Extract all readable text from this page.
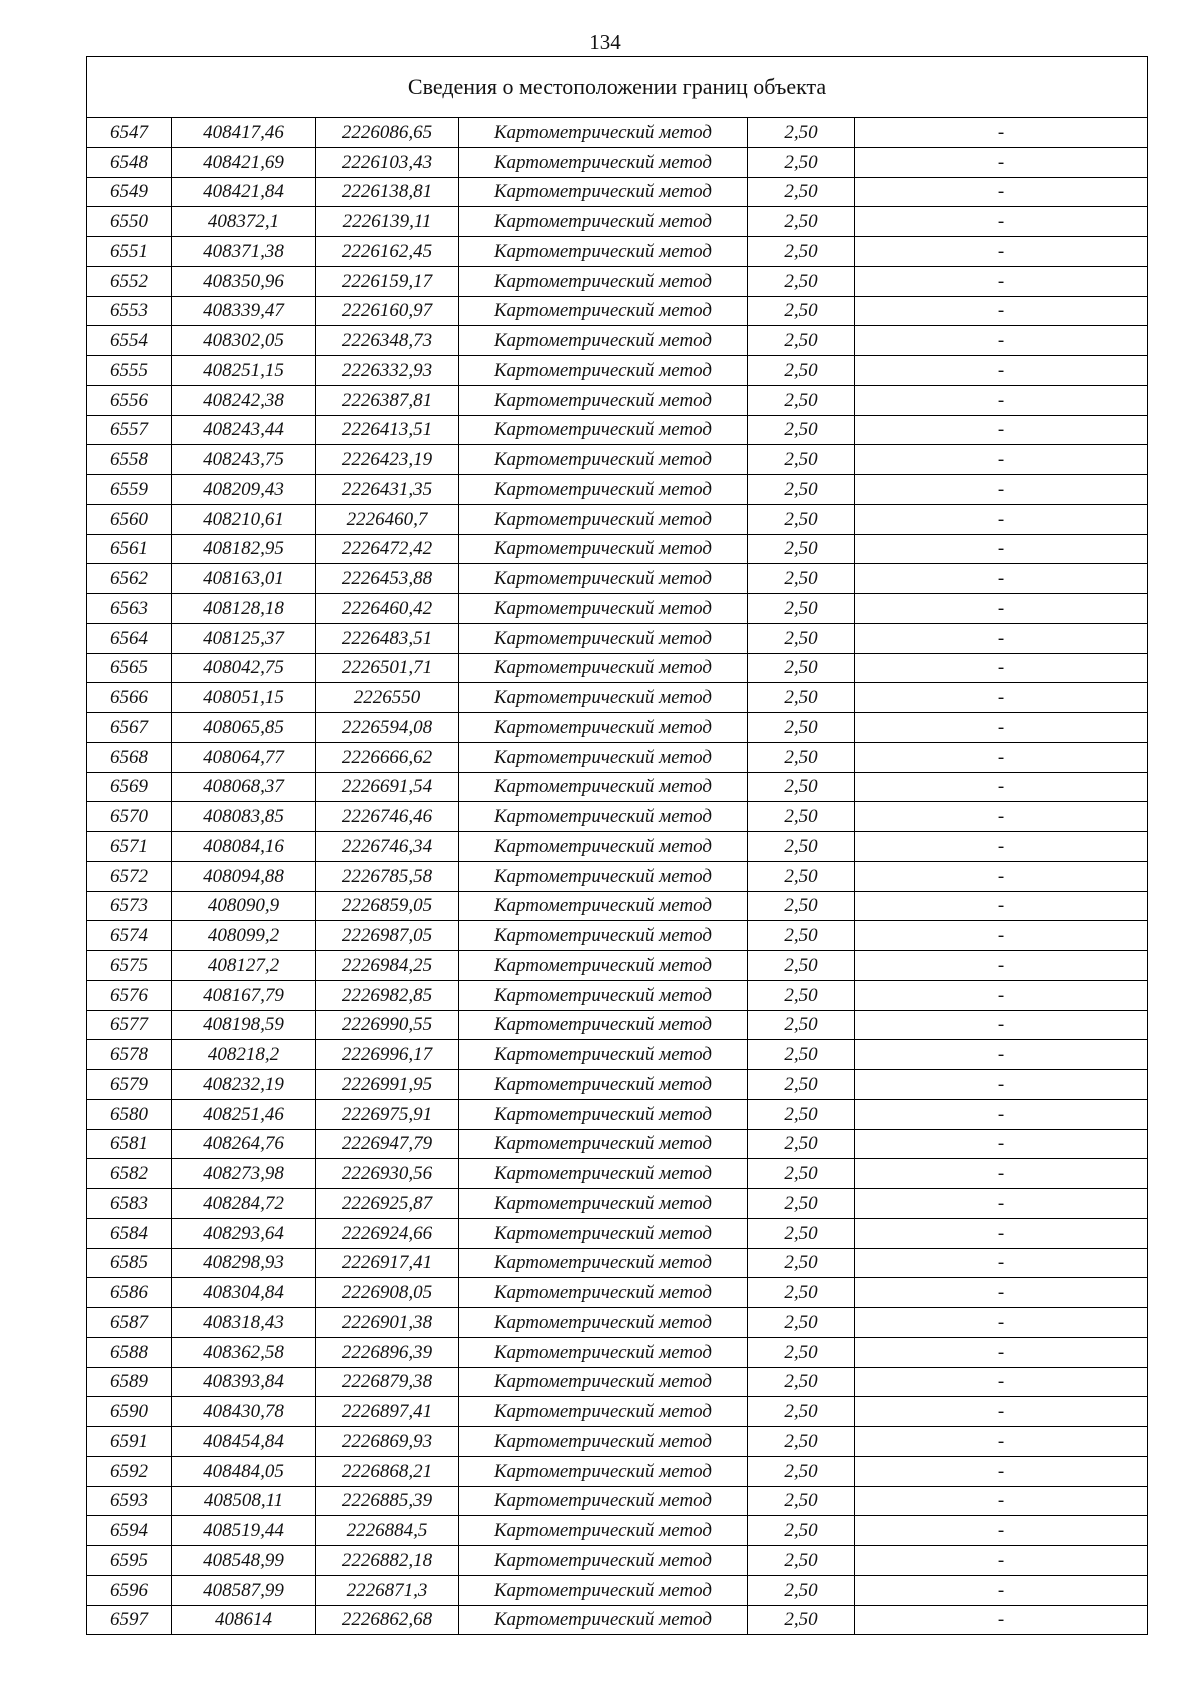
134
Сведения о местоположении границ объекта					
6547	408417,46	2226086,65	Картометрический метод	2,50	-
6548	408421,69	2226103,43	Картометрический метод	2,50	-
6549	408421,84	2226138,81	Картометрический метод	2,50	-
6550	408372,1	2226139,11	Картометрический метод	2,50	-
6551	408371,38	2226162,45	Картометрический метод	2,50	-
6552	408350,96	2226159,17	Картометрический метод	2,50	-
6553	408339,47	2226160,97	Картометрический метод	2,50	-
6554	408302,05	2226348,73	Картометрический метод	2,50	-
6555	408251,15	2226332,93	Картометрический метод	2,50	-
6556	408242,38	2226387,81	Картометрический метод	2,50	-
6557	408243,44	2226413,51	Картометрический метод	2,50	-
6558	408243,75	2226423,19	Картометрический метод	2,50	-
6559	408209,43	2226431,35	Картометрический метод	2,50	-
6560	408210,61	2226460,7	Картометрический метод	2,50	-
6561	408182,95	2226472,42	Картометрический метод	2,50	-
6562	408163,01	2226453,88	Картометрический метод	2,50	-
6563	408128,18	2226460,42	Картометрический метод	2,50	-
6564	408125,37	2226483,51	Картометрический метод	2,50	-
6565	408042,75	2226501,71	Картометрический метод	2,50	-
6566	408051,15	2226550	Картометрический метод	2,50	-
6567	408065,85	2226594,08	Картометрический метод	2,50	-
6568	408064,77	2226666,62	Картометрический метод	2,50	-
6569	408068,37	2226691,54	Картометрический метод	2,50	-
6570	408083,85	2226746,46	Картометрический метод	2,50	-
6571	408084,16	2226746,34	Картометрический метод	2,50	-
6572	408094,88	2226785,58	Картометрический метод	2,50	-
6573	408090,9	2226859,05	Картометрический метод	2,50	-
6574	408099,2	2226987,05	Картометрический метод	2,50	-
6575	408127,2	2226984,25	Картометрический метод	2,50	-
6576	408167,79	2226982,85	Картометрический метод	2,50	-
6577	408198,59	2226990,55	Картометрический метод	2,50	-
6578	408218,2	2226996,17	Картометрический метод	2,50	-
6579	408232,19	2226991,95	Картометрический метод	2,50	-
6580	408251,46	2226975,91	Картометрический метод	2,50	-
6581	408264,76	2226947,79	Картометрический метод	2,50	-
6582	408273,98	2226930,56	Картометрический метод	2,50	-
6583	408284,72	2226925,87	Картометрический метод	2,50	-
6584	408293,64	2226924,66	Картометрический метод	2,50	-
6585	408298,93	2226917,41	Картометрический метод	2,50	-
6586	408304,84	2226908,05	Картометрический метод	2,50	-
6587	408318,43	2226901,38	Картометрический метод	2,50	-
6588	408362,58	2226896,39	Картометрический метод	2,50	-
6589	408393,84	2226879,38	Картометрический метод	2,50	-
6590	408430,78	2226897,41	Картометрический метод	2,50	-
6591	408454,84	2226869,93	Картометрический метод	2,50	-
6592	408484,05	2226868,21	Картометрический метод	2,50	-
6593	408508,11	2226885,39	Картометрический метод	2,50	-
6594	408519,44	2226884,5	Картометрический метод	2,50	-
6595	408548,99	2226882,18	Картометрический метод	2,50	-
6596	408587,99	2226871,3	Картометрический метод	2,50	-
6597	408614	2226862,68	Картометрический метод	2,50	-
